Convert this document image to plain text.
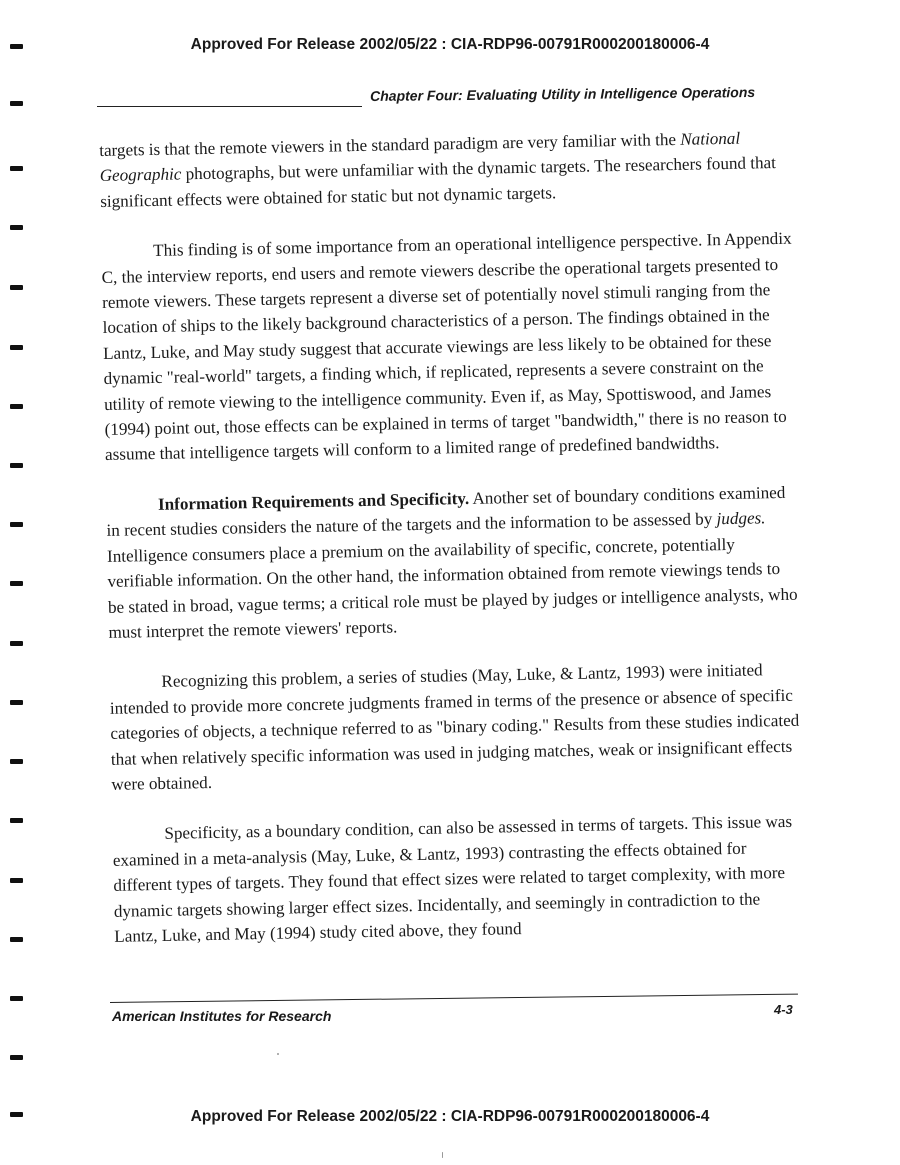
Approved For Release 2002/05/22 : CIA-RDP96-00791R000200180006-4
Chapter Four: Evaluating Utility in Intelligence Operations

targets is that the remote viewers in the standard paradigm are very familiar with the National Geographic photographs, but were unfamiliar with the dynamic targets. The researchers found that significant effects were obtained for static but not dynamic targets.

This finding is of some importance from an operational intelligence perspective. In Appendix C, the interview reports, end users and remote viewers describe the operational targets presented to remote viewers. These targets represent a diverse set of potentially novel stimuli ranging from the location of ships to the likely background characteristics of a person. The findings obtained in the Lantz, Luke, and May study suggest that accurate viewings are less likely to be obtained for these dynamic "real-world" targets, a finding which, if replicated, represents a severe constraint on the utility of remote viewing to the intelligence community. Even if, as May, Spottiswood, and James (1994) point out, those effects can be explained in terms of target "bandwidth," there is no reason to assume that intelligence targets will conform to a limited range of predefined bandwidths.

Information Requirements and Specificity. Another set of boundary conditions examined in recent studies considers the nature of the targets and the information to be assessed by judges. Intelligence consumers place a premium on the availability of specific, concrete, potentially verifiable information. On the other hand, the information obtained from remote viewings tends to be stated in broad, vague terms; a critical role must be played by judges or intelligence analysts, who must interpret the remote viewers' reports.

Recognizing this problem, a series of studies (May, Luke, & Lantz, 1993) were initiated intended to provide more concrete judgments framed in terms of the presence or absence of specific categories of objects, a technique referred to as "binary coding." Results from these studies indicated that when relatively specific information was used in judging matches, weak or insignificant effects were obtained.

Specificity, as a boundary condition, can also be assessed in terms of targets. This issue was examined in a meta-analysis (May, Luke, & Lantz, 1993) contrasting the effects obtained for different types of targets. They found that effect sizes were related to target complexity, with more dynamic targets showing larger effect sizes. Incidentally, and seemingly in contradiction to the Lantz, Luke, and May (1994) study cited above, they found

American Institutes for Research	4-3
Approved For Release 2002/05/22 : CIA-RDP96-00791R000200180006-4
